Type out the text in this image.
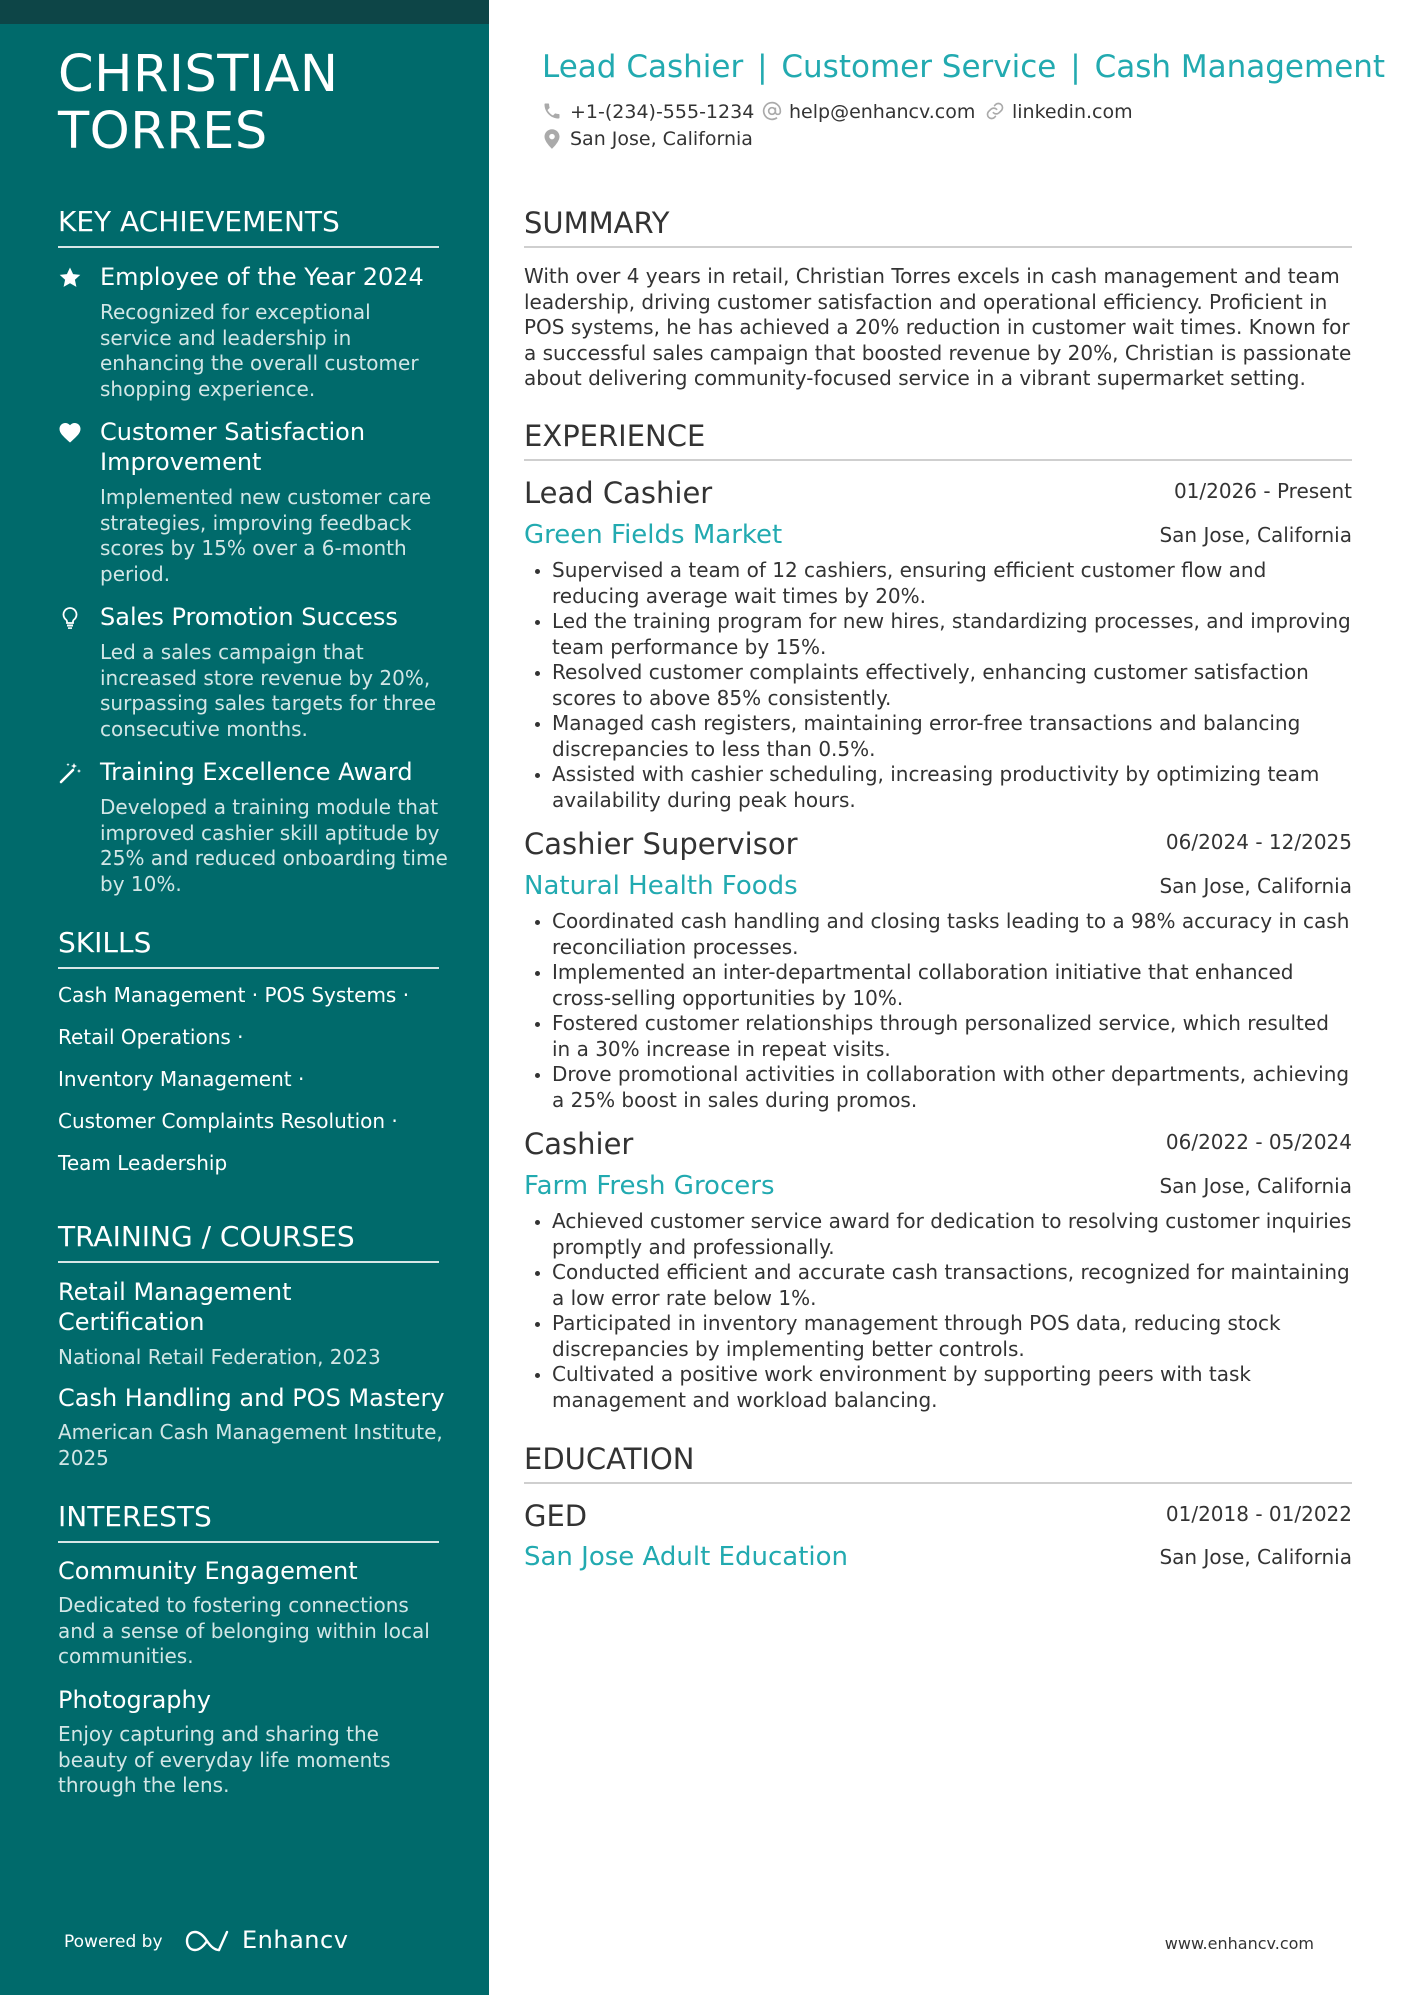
CHRISTIAN
TORRES
KEY ACHIEVEMENTS
Employee of the Year 2024
Recognized for exceptional service and leadership in enhancing the overall customer shopping experience.
Customer Satisfaction Improvement
Implemented new customer care strategies, improving feedback scores by 15% over a 6-month period.
Sales Promotion Success
Led a sales campaign that increased store revenue by 20%, surpassing sales targets for three consecutive months.
Training Excellence Award
Developed a training module that improved cashier skill aptitude by 25% and reduced onboarding time by 10%.
SKILLS
Cash Management · POS Systems ·
Retail Operations ·
Inventory Management ·
Customer Complaints Resolution ·
Team Leadership
TRAINING / COURSES
Retail Management Certification
National Retail Federation, 2023
Cash Handling and POS Mastery
American Cash Management Institute, 2025
INTERESTS
Community Engagement
Dedicated to fostering connections and a sense of belonging within local communities.
Photography
Enjoy capturing and sharing the beauty of everyday life moments through the lens.
Powered by	Enhancv
Lead Cashier | Customer Service | Cash Management
+1-(234)-555-1234 help@enhancv.com linkedin.com
San Jose, California
SUMMARY
With over 4 years in retail, Christian Torres excels in cash management and team leadership, driving customer satisfaction and operational efficiency. Proficient in POS systems, he has achieved a 20% reduction in customer wait times. Known for a successful sales campaign that boosted revenue by 20%, Christian is passionate about delivering community-focused service in a vibrant supermarket setting.
EXPERIENCE
Lead Cashier	01/2026 - Present
Green Fields Market	San Jose, California
Supervised a team of 12 cashiers, ensuring efficient customer flow and reducing average wait times by 20%.
Led the training program for new hires, standardizing processes, and improving team performance by 15%.
Resolved customer complaints effectively, enhancing customer satisfaction scores to above 85% consistently.
Managed cash registers, maintaining error-free transactions and balancing discrepancies to less than 0.5%.
Assisted with cashier scheduling, increasing productivity by optimizing team availability during peak hours.
Cashier Supervisor	06/2024 - 12/2025
Natural Health Foods	San Jose, California
Coordinated cash handling and closing tasks leading to a 98% accuracy in cash reconciliation processes.
Implemented an inter-departmental collaboration initiative that enhanced cross-selling opportunities by 10%.
Fostered customer relationships through personalized service, which resulted in a 30% increase in repeat visits.
Drove promotional activities in collaboration with other departments, achieving a 25% boost in sales during promos.
Cashier	06/2022 - 05/2024
Farm Fresh Grocers	San Jose, California
Achieved customer service award for dedication to resolving customer inquiries promptly and professionally.
Conducted efficient and accurate cash transactions, recognized for maintaining a low error rate below 1%.
Participated in inventory management through POS data, reducing stock discrepancies by implementing better controls.
Cultivated a positive work environment by supporting peers with task management and workload balancing.
EDUCATION
GED	01/2018 - 01/2022
San Jose Adult Education	San Jose, California
www.enhancv.com
